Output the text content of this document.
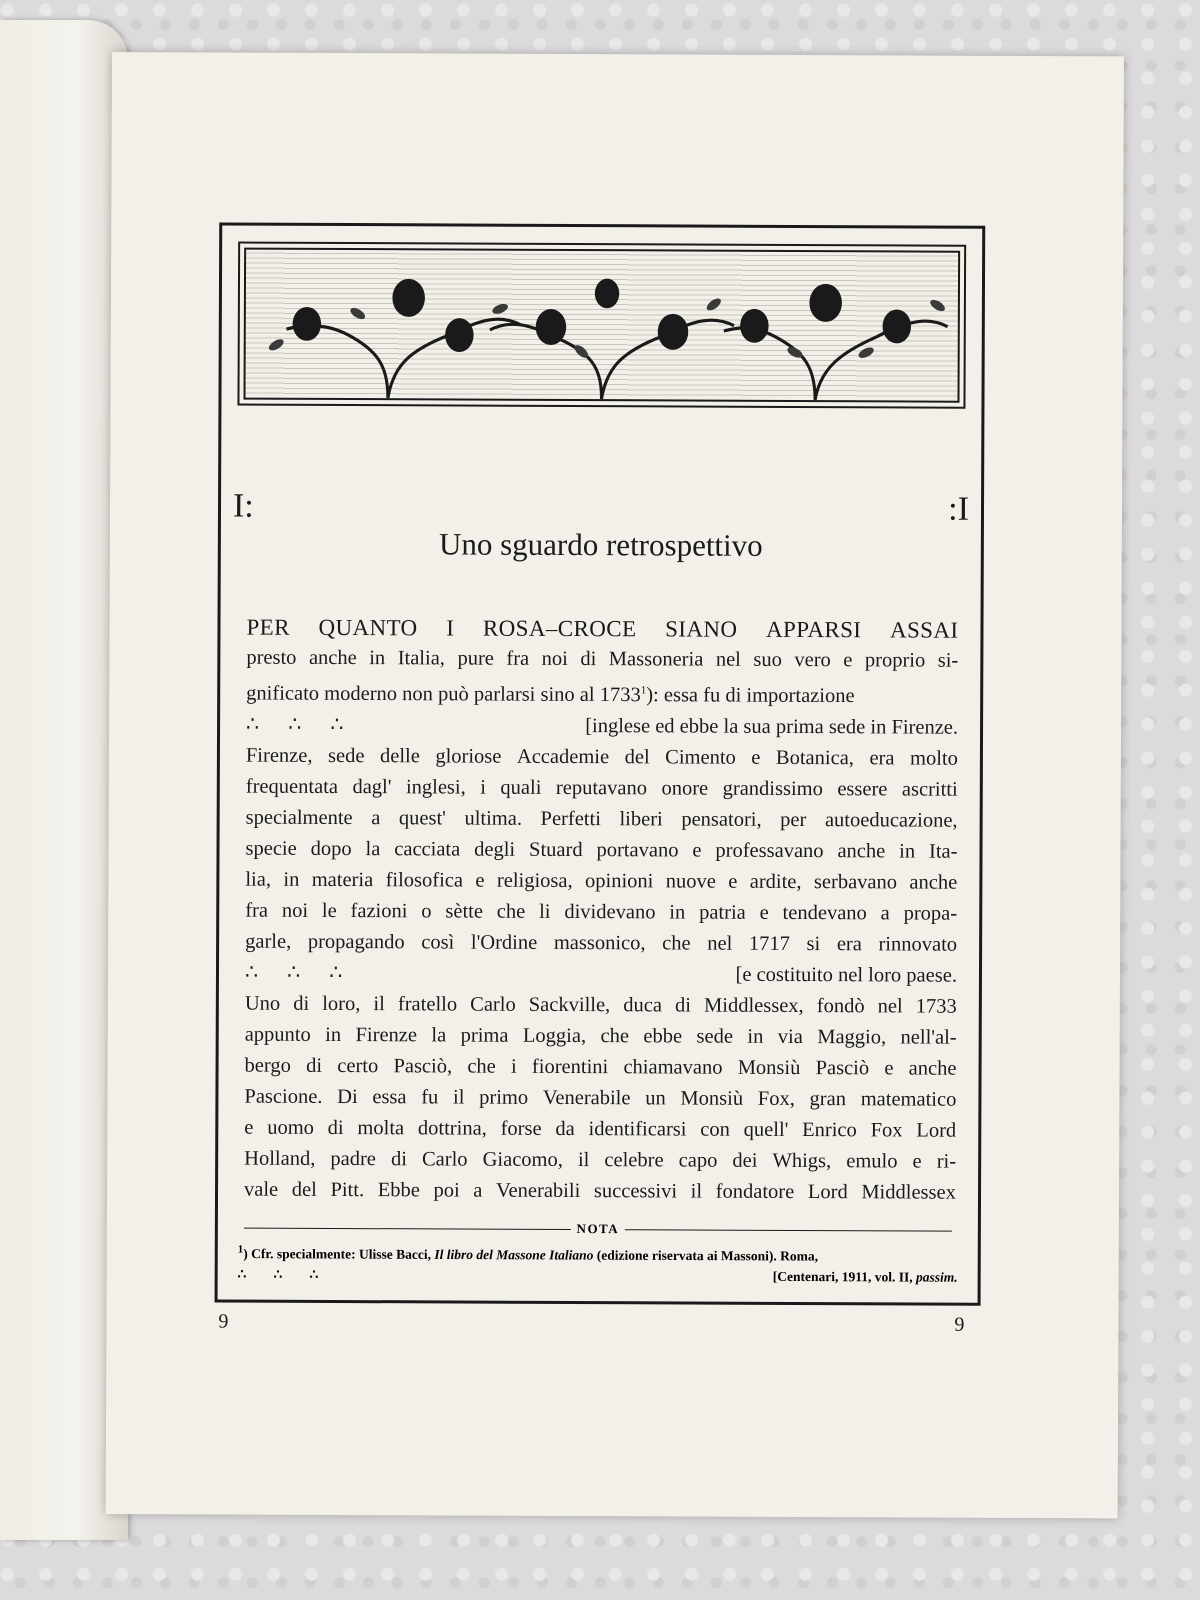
I:	:I
Uno sguardo retrospettivo
PER QUANTO I ROSA–CROCE SIANO APPARSI ASSAI
presto anche in Italia, pure fra noi di Massoneria nel suo vero e proprio si-
gnificato moderno non può parlarsi sino al 1733$^1$): essa fu di importazione
∴ ∴ ∴	[inglese ed ebbe la sua prima sede in Firenze.
Firenze, sede delle gloriose Accademie del Cimento e Botanica, era molto
frequentata dagl' inglesi, i quali reputavano onore grandissimo essere ascritti
specialmente a quest' ultima. Perfetti liberi pensatori, per autoeducazione,
specie dopo la cacciata degli Stuard portavano e professavano anche in Ita-
lia, in materia filosofica e religiosa, opinioni nuove e ardite, serbavano anche
fra noi le fazioni o sètte che li dividevano in patria e tendevano a propa-
garle, propagando così l'Ordine massonico, che nel 1717 si era rinnovato
∴ ∴ ∴	[e costituito nel loro paese.
Uno di loro, il fratello Carlo Sackville, duca di Middlessex, fondò nel 1733
appunto in Firenze la prima Loggia, che ebbe sede in via Maggio, nell'al-
bergo di certo Pasciò, che i fiorentini chiamavano Monsiù Pasciò e anche
Pascione. Di essa fu il primo Venerabile un Monsiù Fox, gran matematico
e uomo di molta dottrina, forse da identificarsi con quell' Enrico Fox Lord
Holland, padre di Carlo Giacomo, il celebre capo dei Whigs, emulo e ri-
vale del Pitt. Ebbe poi a Venerabili successivi il fondatore Lord Middlessex
NOTA
$^1$) Cfr. specialmente: Ulisse Bacci, Il libro del Massone Italiano (edizione riservata ai Massoni). Roma,
∴ ∴ ∴	[Centenari, 1911, vol. II, passim.
9	9
